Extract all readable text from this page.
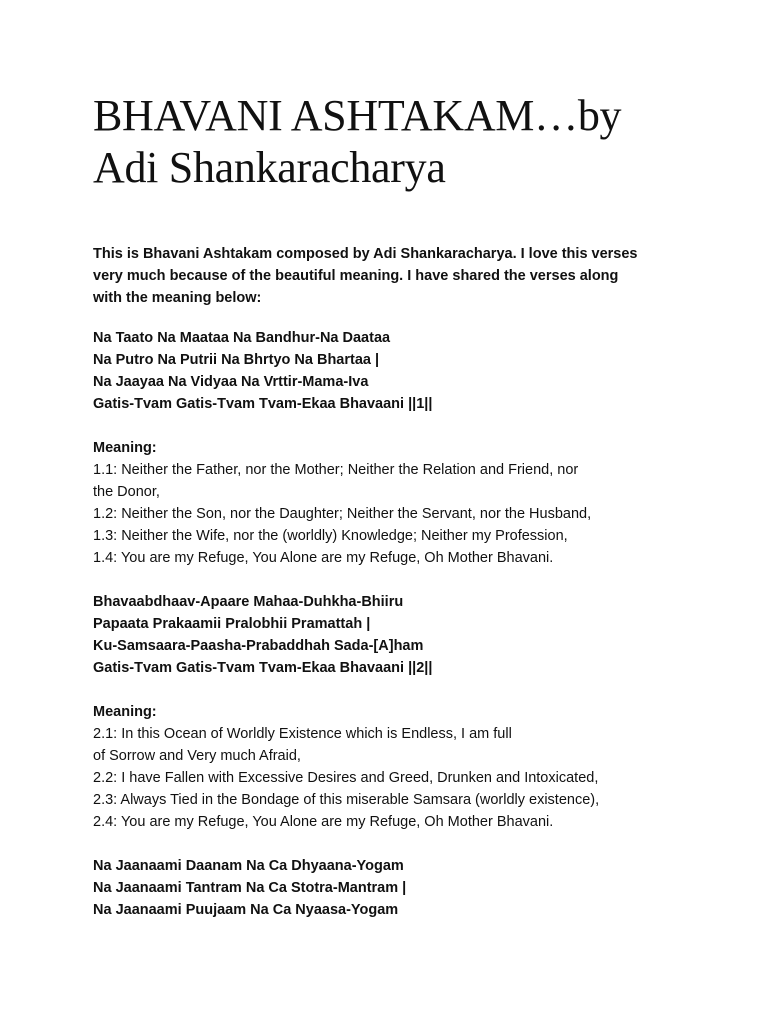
BHAVANI ASHTAKAM…by
Adi Shankaracharya
This is Bhavani Ashtakam composed by Adi Shankaracharya. I love this verses
very much because of the beautiful meaning. I have shared the verses along
with the meaning below:
Na Taato Na Maataa Na Bandhur-Na Daataa
Na Putro Na Putrii Na Bhrtyo Na Bhartaa |
Na Jaayaa Na Vidyaa Na Vrttir-Mama-Iva
Gatis-Tvam Gatis-Tvam Tvam-Ekaa Bhavaani ||1||
Meaning:
1.1: Neither the Father, nor the Mother; Neither the Relation and Friend, nor
the Donor,
1.2: Neither the Son, nor the Daughter; Neither the Servant, nor the Husband,
1.3: Neither the Wife, nor the (worldly) Knowledge; Neither my Profession,
1.4: You are my Refuge, You Alone are my Refuge, Oh Mother Bhavani.
Bhavaabdhaav-Apaare Mahaa-Duhkha-Bhiiru
Papaata Prakaamii Pralobhii Pramattah |
Ku-Samsaara-Paasha-Prabaddhah Sada-[A]ham
Gatis-Tvam Gatis-Tvam Tvam-Ekaa Bhavaani ||2||
Meaning:
2.1: In this Ocean of Worldly Existence which is Endless, I am full
of Sorrow and Very much Afraid,
2.2: I have Fallen with Excessive Desires and Greed, Drunken and Intoxicated,
2.3: Always Tied in the Bondage of this miserable Samsara (worldly existence),
2.4: You are my Refuge, You Alone are my Refuge, Oh Mother Bhavani.
Na Jaanaami Daanam Na Ca Dhyaana-Yogam
Na Jaanaami Tantram Na Ca Stotra-Mantram |
Na Jaanaami Puujaam Na Ca Nyaasa-Yogam
